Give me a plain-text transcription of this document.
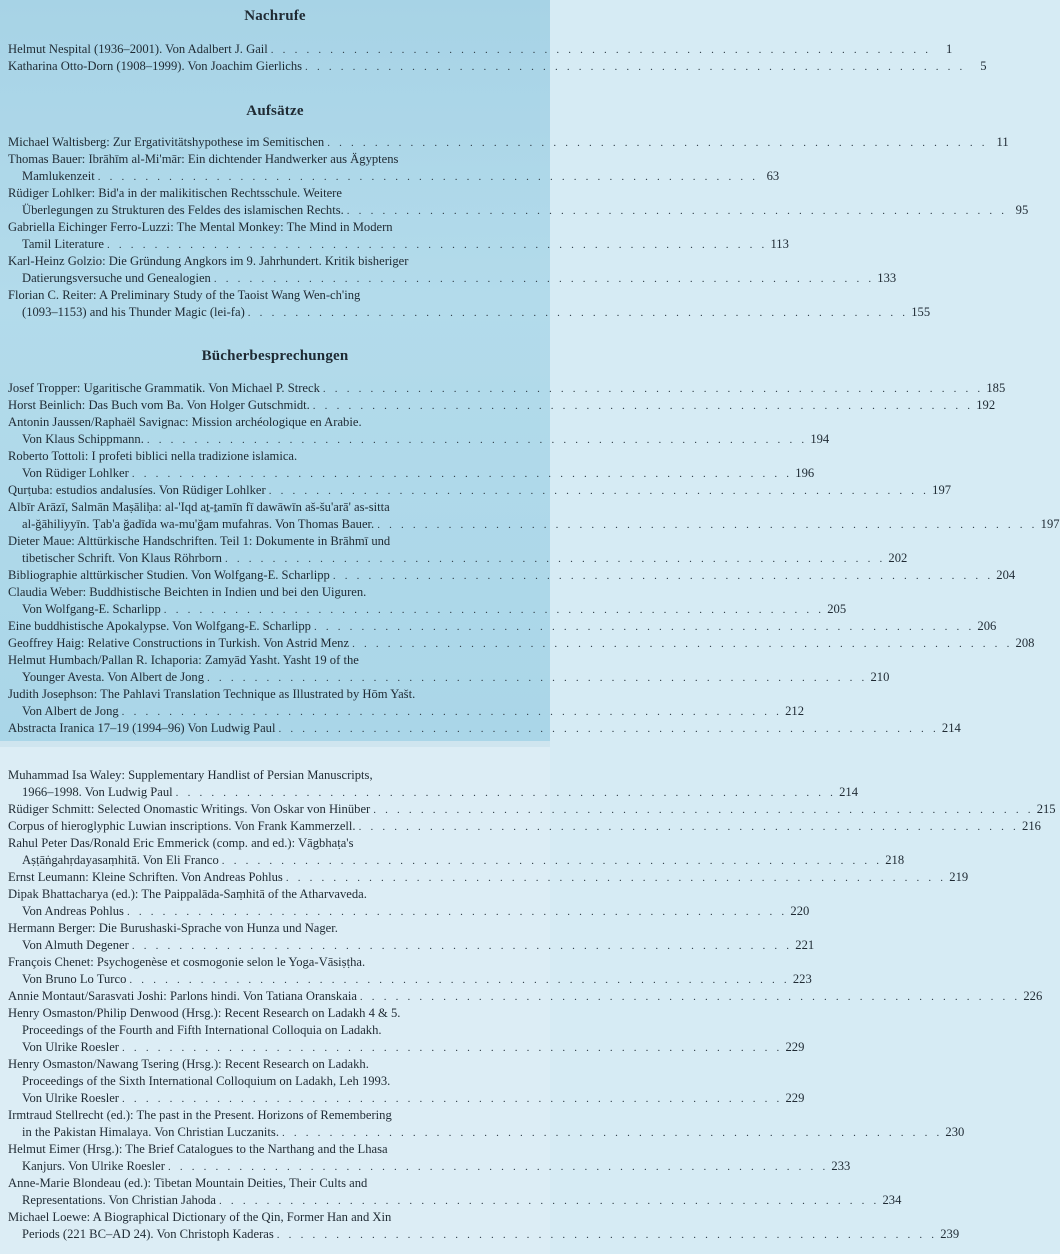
Nachrufe
Aufsätze
Bücherbesprechungen
Helmut Nespital (1936–2001). Von Adalbert J. Gail . . . . . . . . . . . . . . . . . . . . . . . . . . . . . . . . . . . . . . . . . . . . . . . . . . . . . . . .	1
Katharina Otto-Dorn (1908–1999). Von Joachim Gierlichs . . . . . . . . . . . . . . . . . . . . . . . . . . . . . . . . . . . . . . . . . . . . . . . . . . . . . . . .	5
Michael Waltisberg: Zur Ergativitätshypothese im Semitischen . . . . . . . . . . . . . . . . . . . . . . . . . . . . . . . . . . . . . . . . . . . . . . . . . . . . . . . . 11
Thomas Bauer: Ibrāhīm al-Mi'mār: Ein dichtender Handwerker aus Ägyptens
Mamlukenzeit . . . . . . . . . . . . . . . . . . . . . . . . . . . . . . . . . . . . . . . . . . . . . . . . . . . . . . . . 63
Rüdiger Lohlker: Bid'a in der malikitischen Rechtsschule. Weitere
Überlegungen zu Strukturen des Feldes des islamischen Rechts. . . . . . . . . . . . . . . . . . . . . . . . . . . . . . . . . . . . . . . . . . . . . . . . . . . . . . . . . 95
Gabriella Eichinger Ferro-Luzzi: The Mental Monkey: The Mind in Modern
Tamil Literature . . . . . . . . . . . . . . . . . . . . . . . . . . . . . . . . . . . . . . . . . . . . . . . . . . . . . . . . 113
Karl-Heinz Golzio: Die Gründung Angkors im 9. Jahrhundert. Kritik bisheriger
Datierungsversuche und Genealogien . . . . . . . . . . . . . . . . . . . . . . . . . . . . . . . . . . . . . . . . . . . . . . . . . . . . . . . . 133
Florian C. Reiter: A Preliminary Study of the Taoist Wang Wen-ch'ing
(1093–1153) and his Thunder Magic (lei-fa) . . . . . . . . . . . . . . . . . . . . . . . . . . . . . . . . . . . . . . . . . . . . . . . . . . . . . . . . 155
Josef Tropper: Ugaritische Grammatik. Von Michael P. Streck . . . . . . . . . . . . . . . . . . . . . . . . . . . . . . . . . . . . . . . . . . . . . . . . . . . . . . . . 185
Horst Beinlich: Das Buch vom Ba. Von Holger Gutschmidt. . . . . . . . . . . . . . . . . . . . . . . . . . . . . . . . . . . . . . . . . . . . . . . . . . . . . . . . . 192
Antonin Jaussen/Raphaël Savignac: Mission archéologique en Arabie.
Von Klaus Schippmann. . . . . . . . . . . . . . . . . . . . . . . . . . . . . . . . . . . . . . . . . . . . . . . . . . . . . . . . . 194
Roberto Tottoli: I profeti biblici nella tradizione islamica.
Von Rüdiger Lohlker . . . . . . . . . . . . . . . . . . . . . . . . . . . . . . . . . . . . . . . . . . . . . . . . . . . . . . . . 196
Qurṭuba: estudios andalusíes. Von Rüdiger Lohlker . . . . . . . . . . . . . . . . . . . . . . . . . . . . . . . . . . . . . . . . . . . . . . . . . . . . . . . . 197
Albīr Arāzī, Salmān Maṣāliḥa: al-'Iqd aṯ-ṯamīn fī dawāwīn aš-šu'arā' as-sitta
al-ğāhiliyyīn. Ṭab'a ğadīda wa-mu'ğam mufahras. Von Thomas Bauer. . . . . . . . . . . . . . . . . . . . . . . . . . . . . . . . . . . . . . . . . . . . . . . . . . . . . . . . . 197
Dieter Maue: Alttürkische Handschriften. Teil 1: Dokumente in Brāhmī und
tibetischer Schrift. Von Klaus Röhrborn . . . . . . . . . . . . . . . . . . . . . . . . . . . . . . . . . . . . . . . . . . . . . . . . . . . . . . . . 202
Bibliographie alttürkischer Studien. Von Wolfgang-E. Scharlipp . . . . . . . . . . . . . . . . . . . . . . . . . . . . . . . . . . . . . . . . . . . . . . . . . . . . . . . . 204
Claudia Weber: Buddhistische Beichten in Indien und bei den Uiguren.
Von Wolfgang-E. Scharlipp . . . . . . . . . . . . . . . . . . . . . . . . . . . . . . . . . . . . . . . . . . . . . . . . . . . . . . . . 205
Eine buddhistische Apokalypse. Von Wolfgang-E. Scharlipp . . . . . . . . . . . . . . . . . . . . . . . . . . . . . . . . . . . . . . . . . . . . . . . . . . . . . . . . 206
Geoffrey Haig: Relative Constructions in Turkish. Von Astrid Menz . . . . . . . . . . . . . . . . . . . . . . . . . . . . . . . . . . . . . . . . . . . . . . . . . . . . . . . . 208
Helmut Humbach/Pallan R. Ichaporia: Zamyād Yasht. Yasht 19 of the
Younger Avesta. Von Albert de Jong . . . . . . . . . . . . . . . . . . . . . . . . . . . . . . . . . . . . . . . . . . . . . . . . . . . . . . . . 210
Judith Josephson: The Pahlavi Translation Technique as Illustrated by Hōm Yašt.
Von Albert de Jong . . . . . . . . . . . . . . . . . . . . . . . . . . . . . . . . . . . . . . . . . . . . . . . . . . . . . . . . 212
Abstracta Iranica 17–19 (1994–96) Von Ludwig Paul . . . . . . . . . . . . . . . . . . . . . . . . . . . . . . . . . . . . . . . . . . . . . . . . . . . . . . . . 214
Muhammad Isa Waley: Supplementary Handlist of Persian Manuscripts,
1966–1998. Von Ludwig Paul . . . . . . . . . . . . . . . . . . . . . . . . . . . . . . . . . . . . . . . . . . . . . . . . . . . . . . . . 214
Rüdiger Schmitt: Selected Onomastic Writings. Von Oskar von Hinüber . . . . . . . . . . . . . . . . . . . . . . . . . . . . . . . . . . . . . . . . . . . . . . . . . . . . . . . . 215
Corpus of hieroglyphic Luwian inscriptions. Von Frank Kammerzell. . . . . . . . . . . . . . . . . . . . . . . . . . . . . . . . . . . . . . . . . . . . . . . . . . . . . . . . . 216
Rahul Peter Das/Ronald Eric Emmerick (comp. and ed.): Vāgbhaṭa's
Aṣṭāṅgahṛdayasaṃhitā. Von Eli Franco . . . . . . . . . . . . . . . . . . . . . . . . . . . . . . . . . . . . . . . . . . . . . . . . . . . . . . . . 218
Ernst Leumann: Kleine Schriften. Von Andreas Pohlus . . . . . . . . . . . . . . . . . . . . . . . . . . . . . . . . . . . . . . . . . . . . . . . . . . . . . . . . 219
Dipak Bhattacharya (ed.): The Paippalāda-Saṃhitā of the Atharvaveda.
Von Andreas Pohlus . . . . . . . . . . . . . . . . . . . . . . . . . . . . . . . . . . . . . . . . . . . . . . . . . . . . . . . . 220
Hermann Berger: Die Burushaski-Sprache von Hunza und Nager.
Von Almuth Degener . . . . . . . . . . . . . . . . . . . . . . . . . . . . . . . . . . . . . . . . . . . . . . . . . . . . . . . . 221
François Chenet: Psychogenèse et cosmogonie selon le Yoga-Vāsiṣṭha.
Von Bruno Lo Turco . . . . . . . . . . . . . . . . . . . . . . . . . . . . . . . . . . . . . . . . . . . . . . . . . . . . . . . . 223
Annie Montaut/Sarasvati Joshi: Parlons hindi. Von Tatiana Oranskaia . . . . . . . . . . . . . . . . . . . . . . . . . . . . . . . . . . . . . . . . . . . . . . . . . . . . . . . . 226
Henry Osmaston/Philip Denwood (Hrsg.): Recent Research on Ladakh 4 & 5.
Proceedings of the Fourth and Fifth International Colloquia on Ladakh.
Von Ulrike Roesler . . . . . . . . . . . . . . . . . . . . . . . . . . . . . . . . . . . . . . . . . . . . . . . . . . . . . . . . 229
Henry Osmaston/Nawang Tsering (Hrsg.): Recent Research on Ladakh.
Proceedings of the Sixth International Colloquium on Ladakh, Leh 1993.
Von Ulrike Roesler . . . . . . . . . . . . . . . . . . . . . . . . . . . . . . . . . . . . . . . . . . . . . . . . . . . . . . . . 229
Irmtraud Stellrecht (ed.): The past in the Present. Horizons of Remembering
in the Pakistan Himalaya. Von Christian Luczanits. . . . . . . . . . . . . . . . . . . . . . . . . . . . . . . . . . . . . . . . . . . . . . . . . . . . . . . . . 230
Helmut Eimer (Hrsg.): The Brief Catalogues to the Narthang and the Lhasa
Kanjurs. Von Ulrike Roesler . . . . . . . . . . . . . . . . . . . . . . . . . . . . . . . . . . . . . . . . . . . . . . . . . . . . . . . . 233
Anne-Marie Blondeau (ed.): Tibetan Mountain Deities, Their Cults and
Representations. Von Christian Jahoda . . . . . . . . . . . . . . . . . . . . . . . . . . . . . . . . . . . . . . . . . . . . . . . . . . . . . . . . 234
Michael Loewe: A Biographical Dictionary of the Qin, Former Han and Xin
Periods (221 BC–AD 24). Von Christoph Kaderas . . . . . . . . . . . . . . . . . . . . . . . . . . . . . . . . . . . . . . . . . . . . . . . . . . . . . . . . 239
